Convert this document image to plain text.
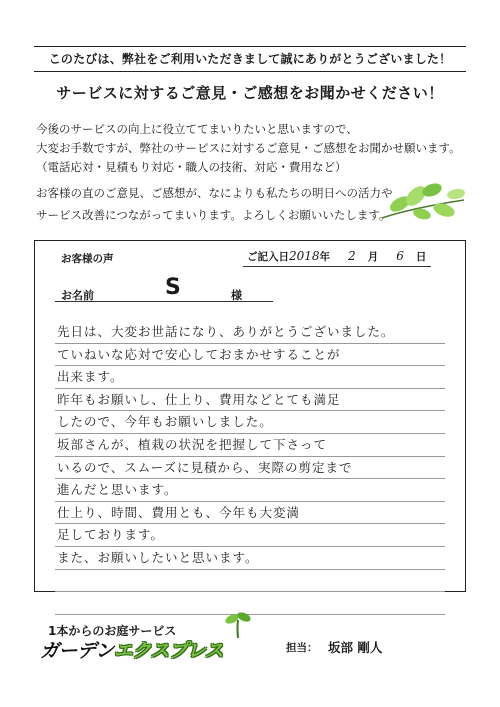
このたびは、弊社をご利用いただきまして誠にありがとうございました！
サービスに対するご意見・ご感想をお聞かせください！

今後のサービスの向上に役立ててまいりたいと思いますので、

大変お手数ですが、弊社のサービスに対するご意見・ご感想をお聞かせ願います。

（電話応対・見積もり対応・職人の技術、対応・費用など）

お客様の直のご意見、ご感想が、なによりも私たちの明日への活力や

サービス改善につながってまいります。よろしくお願いいたします。

お客様の声	ご記入日2018年 2 月 6 日
お名前	S	様
先日は、大変お世話になり、ありがとうございました。
ていねいな応対で安心しておまかせすることが
出来ます。
昨年もお願いし、仕上り、費用などとても満足
したので、今年もお願いしました。
坂部さんが、植栽の状況を把握して下さって
いるので、スムーズに見積から、実際の剪定まで
進んだと思います。
仕上り、時間、費用とも、今年も大変満
足しております。
また、お願いしたいと思います。
1本からのお庭サービス
ガーデンエクスプレス	担当： 坂部 剛人
